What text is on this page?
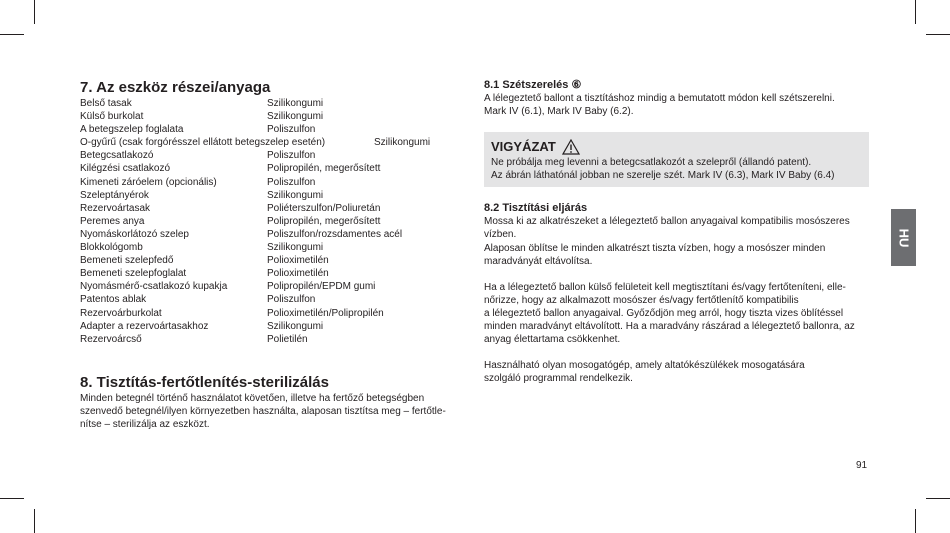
7. Az eszköz részei/anyaga
Belső tasak	Szilikongumi
Külső burkolat	Szilikongumi
A betegszelep foglalata	Poliszulfon
O-gyűrű (csak forgórésszel ellátott betegszelep esetén)	Szilikongumi
Betegcsatlakozó	Poliszulfon
Kilégzési csatlakozó	Polipropilén, megerősített
Kimeneti záróelem (opcionális)	Poliszulfon
Szeleptányérok	Szilikongumi
Rezervoártasak	Poliéterszulfon/Poliuretán
Peremes anya	Polipropilén, megerősített
Nyomáskorlátozó szelep	Poliszulfon/rozsdamentes acél
Blokkológomb	Szilikongumi
Bemeneti szelepfedő	Polioximetilén
Bemeneti szelepfoglalat	Polioximetilén
Nyomásmérő-csatlakozó kupakja	Polipropilén/EPDM gumi
Patentos ablak	Poliszulfon
Rezervoárburkolat	Polioximetilén/Polipropilén
Adapter a rezervoártasakhoz	Szilikongumi
Rezervoárcső	Polietilén
8. Tisztítás-fertőtlenítés-sterilizálás

Minden betegnél történő használatot követően, illetve ha fertőző betegségben

szenvedő betegnél/ilyen környezetben használta, alaposan tisztítsa meg – fertőtle-

nítse – sterilizálja az eszközt.

8.1 Szétszerelés ⑥

A lélegeztető ballont a tisztításhoz mindig a bemutatott módon kell szétszerelni.

Mark IV (6.1), Mark IV Baby (6.2).

VIGYÁZAT

Ne próbálja meg levenni a betegcsatlakozót a szelepről (állandó patent).

Az ábrán láthatónál jobban ne szerelje szét. Mark IV (6.3), Mark IV Baby (6.4)

8.2 Tisztítási eljárás

Mossa ki az alkatrészeket a lélegeztető ballon anyagaival kompatibilis mosószeres

vízben.

Alaposan öblítse le minden alkatrészt tiszta vízben, hogy a mosószer minden

maradványát eltávolítsa.

Ha a lélegeztető ballon külső felületeit kell megtisztítani és/vagy fertőteníteni, elle-

nőrizze, hogy az alkalmazott mosószer és/vagy fertőtlenítő kompatibilis

a lélegeztető ballon anyagaival. Győződjön meg arról, hogy tiszta vizes öblítéssel

minden maradványt eltávolított. Ha a maradvány rászárad a lélegeztető ballonra, az

anyag élettartama csökkenhet.

Használható olyan mosogatógép, amely altatókészülékek mosogatására

szolgáló programmal rendelkezik.

HU
91
